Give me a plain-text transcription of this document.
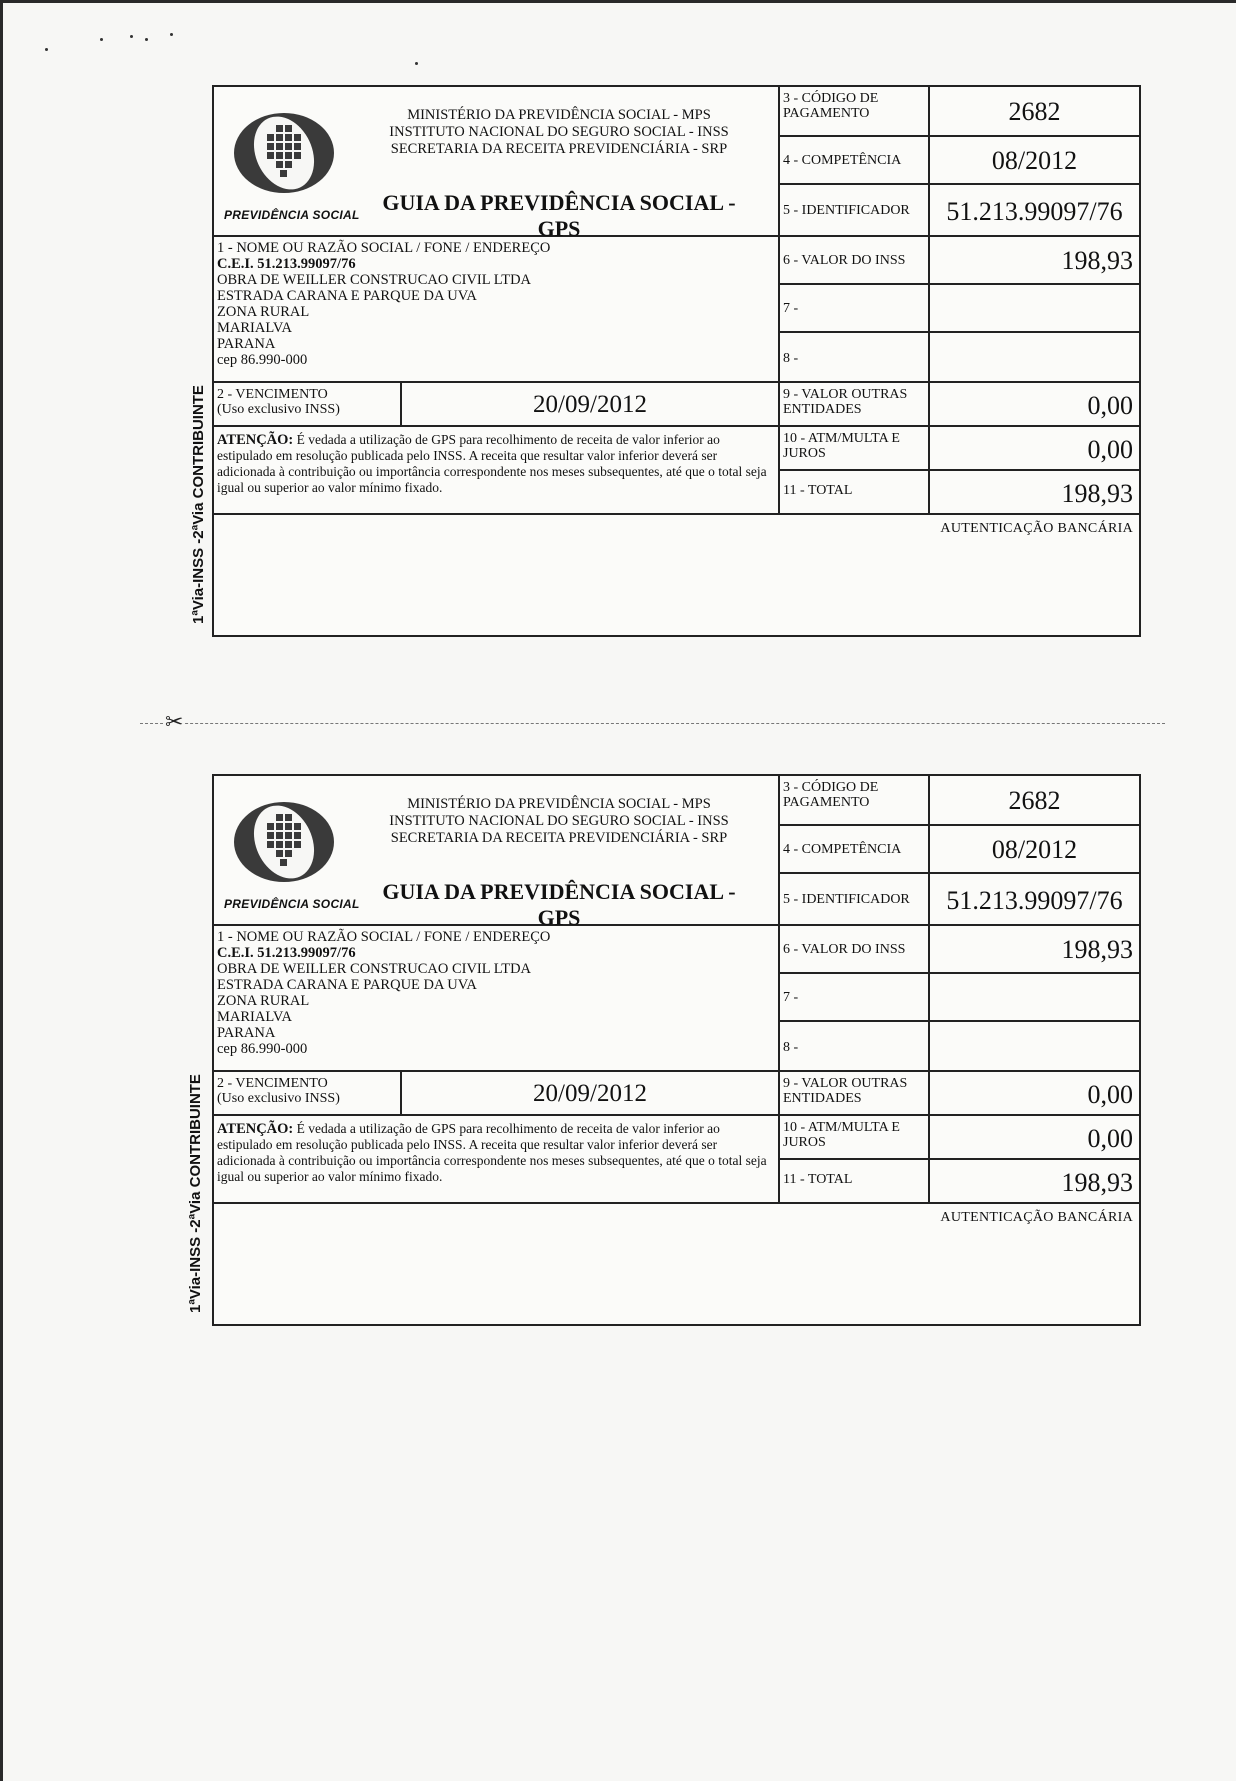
1ªVia-INSS -2ªVia CONTRIBUINTE
PREVIDÊNCIA SOCIAL
MINISTÉRIO DA PREVIDÊNCIA SOCIAL - MPS
INSTITUTO NACIONAL DO SEGURO SOCIAL - INSS
SECRETARIA DA RECEITA PREVIDENCIÁRIA - SRP
GUIA DA PREVIDÊNCIA SOCIAL - GPS
3 - CÓDIGO DE PAGAMENTO	2682
4 - COMPETÊNCIA	08/2012
5 - IDENTIFICADOR	51.213.99097/76
6 - VALOR DO INSS	198,93
7 -
8 -
9 - VALOR OUTRAS ENTIDADES	0,00
10 - ATM/MULTA E JUROS	0,00
11 - TOTAL	198,93
1 - NOME OU RAZÃO SOCIAL / FONE / ENDEREÇO
C.E.I. 51.213.99097/76
OBRA DE WEILLER CONSTRUCAO CIVIL LTDA
ESTRADA CARANA E PARQUE DA UVA
ZONA RURAL
MARIALVA
PARANA
cep 86.990-000
2 - VENCIMENTO
(Uso exclusivo INSS)	20/09/2012
ATENÇÃO: É vedada a utilização de GPS para recolhimento de receita de valor inferior ao estipulado em resolução publicada pelo INSS. A receita que resultar valor inferior deverá ser adicionada à contribuição ou importância correspondente nos meses subsequentes, até que o total seja igual ou superior ao valor mínimo fixado.
AUTENTICAÇÃO BANCÁRIA
✂
1ªVia-INSS -2ªVia CONTRIBUINTE
PREVIDÊNCIA SOCIAL
MINISTÉRIO DA PREVIDÊNCIA SOCIAL - MPS
INSTITUTO NACIONAL DO SEGURO SOCIAL - INSS
SECRETARIA DA RECEITA PREVIDENCIÁRIA - SRP
GUIA DA PREVIDÊNCIA SOCIAL - GPS
3 - CÓDIGO DE PAGAMENTO	2682
4 - COMPETÊNCIA	08/2012
5 - IDENTIFICADOR	51.213.99097/76
6 - VALOR DO INSS	198,93
7 -
8 -
9 - VALOR OUTRAS ENTIDADES	0,00
10 - ATM/MULTA E JUROS	0,00
11 - TOTAL	198,93
1 - NOME OU RAZÃO SOCIAL / FONE / ENDEREÇO
C.E.I. 51.213.99097/76
OBRA DE WEILLER CONSTRUCAO CIVIL LTDA
ESTRADA CARANA E PARQUE DA UVA
ZONA RURAL
MARIALVA
PARANA
cep 86.990-000
2 - VENCIMENTO
(Uso exclusivo INSS)	20/09/2012
ATENÇÃO: É vedada a utilização de GPS para recolhimento de receita de valor inferior ao estipulado em resolução publicada pelo INSS. A receita que resultar valor inferior deverá ser adicionada à contribuição ou importância correspondente nos meses subsequentes, até que o total seja igual ou superior ao valor mínimo fixado.
AUTENTICAÇÃO BANCÁRIA
